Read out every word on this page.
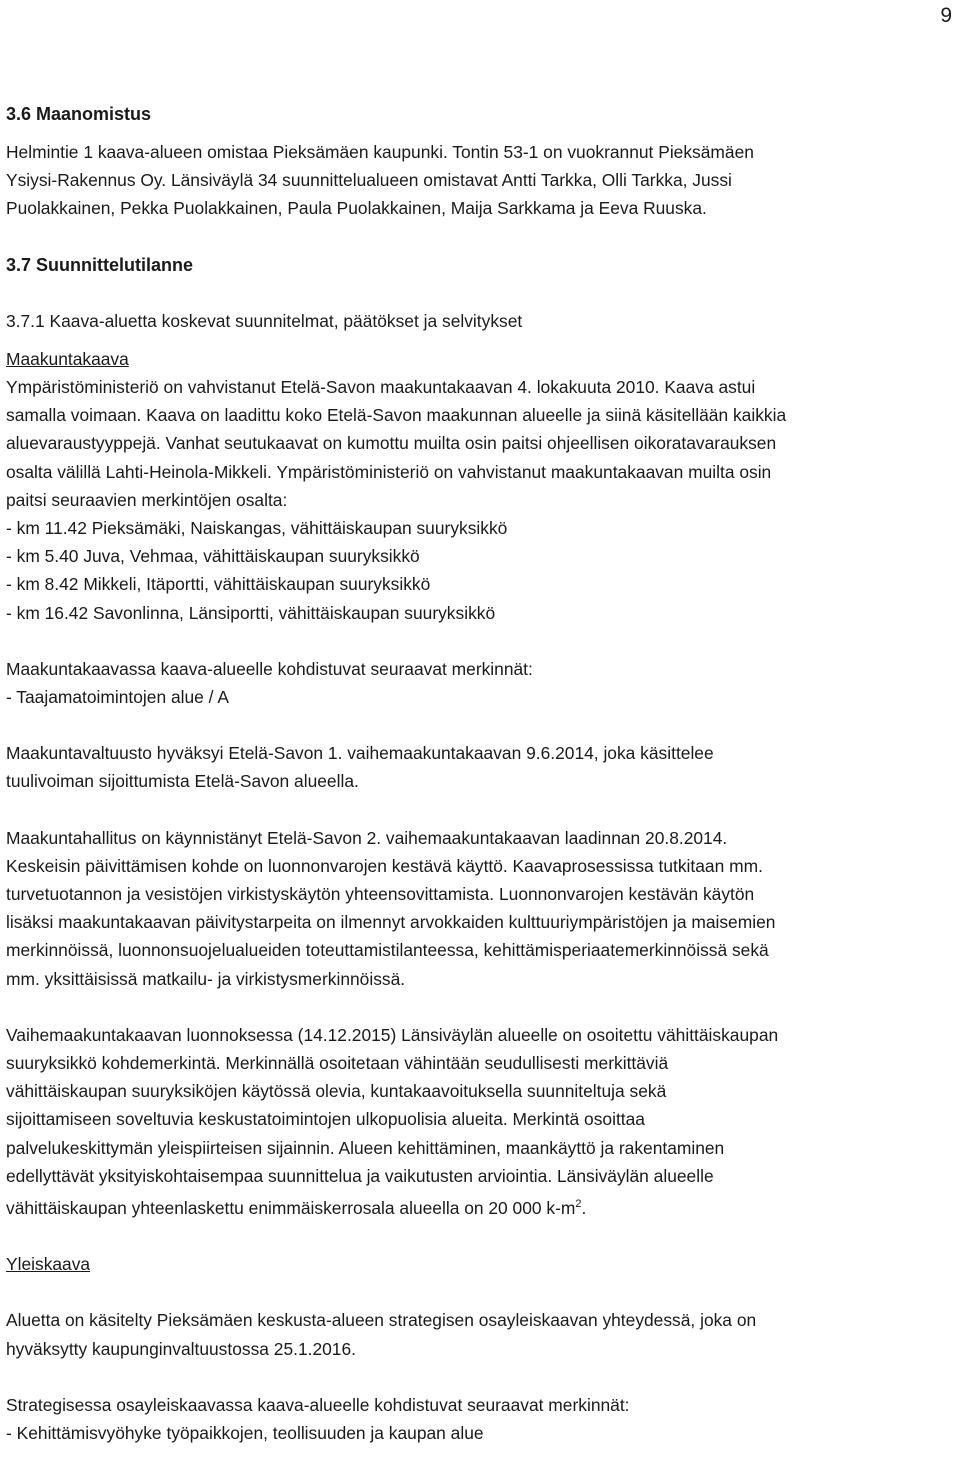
9

3.6 Maanomistus

Helmintie 1 kaava-alueen omistaa Pieksämäen kaupunki. Tontin 53-1 on vuokrannut Pieksämäen

Ysiysi-Rakennus Oy. Länsiväylä 34 suunnittelualueen omistavat Antti Tarkka, Olli Tarkka, Jussi

Puolakkainen, Pekka Puolakkainen, Paula Puolakkainen, Maija Sarkkama ja Eeva Ruuska.

3.7 Suunnittelutilanne

3.7.1 Kaava-aluetta koskevat suunnitelmat, päätökset ja selvitykset

Maakuntakaava

Ympäristöministeriö on vahvistanut Etelä-Savon maakuntakaavan 4. lokakuuta 2010. Kaava astui

samalla voimaan. Kaava on laadittu koko Etelä-Savon maakunnan alueelle ja siinä käsitellään kaikkia

aluevaraustyyppejä. Vanhat seutukaavat on kumottu muilta osin paitsi ohjeellisen oikoratavarauksen

osalta välillä Lahti-Heinola-Mikkeli. Ympäristöministeriö on vahvistanut maakuntakaavan muilta osin

paitsi seuraavien merkintöjen osalta:

- km 11.42 Pieksämäki, Naiskangas, vähittäiskaupan suuryksikkö

- km 5.40 Juva, Vehmaa, vähittäiskaupan suuryksikkö

- km 8.42 Mikkeli, Itäportti, vähittäiskaupan suuryksikkö

- km 16.42 Savonlinna, Länsiportti, vähittäiskaupan suuryksikkö

Maakuntakaavassa kaava-alueelle kohdistuvat seuraavat merkinnät:

- Taajamatoimintojen alue / A

Maakuntavaltuusto hyväksyi Etelä-Savon 1. vaihemaakuntakaavan 9.6.2014, joka käsittelee

tuulivoiman sijoittumista Etelä-Savon alueella.

Maakuntahallitus on käynnistänyt Etelä-Savon 2. vaihemaakuntakaavan laadinnan 20.8.2014.

Keskeisin päivittämisen kohde on luonnonvarojen kestävä käyttö. Kaavaprosessissa tutkitaan mm.

turvetuotannon ja vesistöjen virkistyskäytön yhteensovittamista. Luonnonvarojen kestävän käytön

lisäksi maakuntakaavan päivitystarpeita on ilmennyt arvokkaiden kulttuuriympäristöjen ja maisemien

merkinnöissä, luonnonsuojelualueiden toteuttamistilanteessa, kehittämisperiaatemerkinnöissä sekä

mm. yksittäisissä matkailu- ja virkistysmerkinnöissä.

Vaihemaakuntakaavan luonnoksessa (14.12.2015) Länsiväylän alueelle on osoitettu vähittäiskaupan

suuryksikkö kohdemerkintä. Merkinnällä osoitetaan vähintään seudullisesti merkittäviä

vähittäiskaupan suuryksiköjen käytössä olevia, kuntakaavoituksella suunniteltuja sekä

sijoittamiseen soveltuvia keskustatoimintojen ulkopuolisia alueita. Merkintä osoittaa

palvelukeskittymän yleispiirteisen sijainnin. Alueen kehittäminen, maankäyttö ja rakentaminen

edellyttävät yksityiskohtaisempaa suunnittelua ja vaikutusten arviointia. Länsiväylän alueelle

vähittäiskaupan yhteenlaskettu enimmäiskerrosala alueella on 20 000 $k-m^2$.

Yleiskaava

Aluetta on käsitelty Pieksämäen keskusta-alueen strategisen osayleiskaavan yhteydessä, joka on

hyväksytty kaupunginvaltuustossa 25.1.2016.

Strategisessa osayleiskaavassa kaava-alueelle kohdistuvat seuraavat merkinnät:

- Kehittämisvyöhyke työpaikkojen, teollisuuden ja kaupan alue
